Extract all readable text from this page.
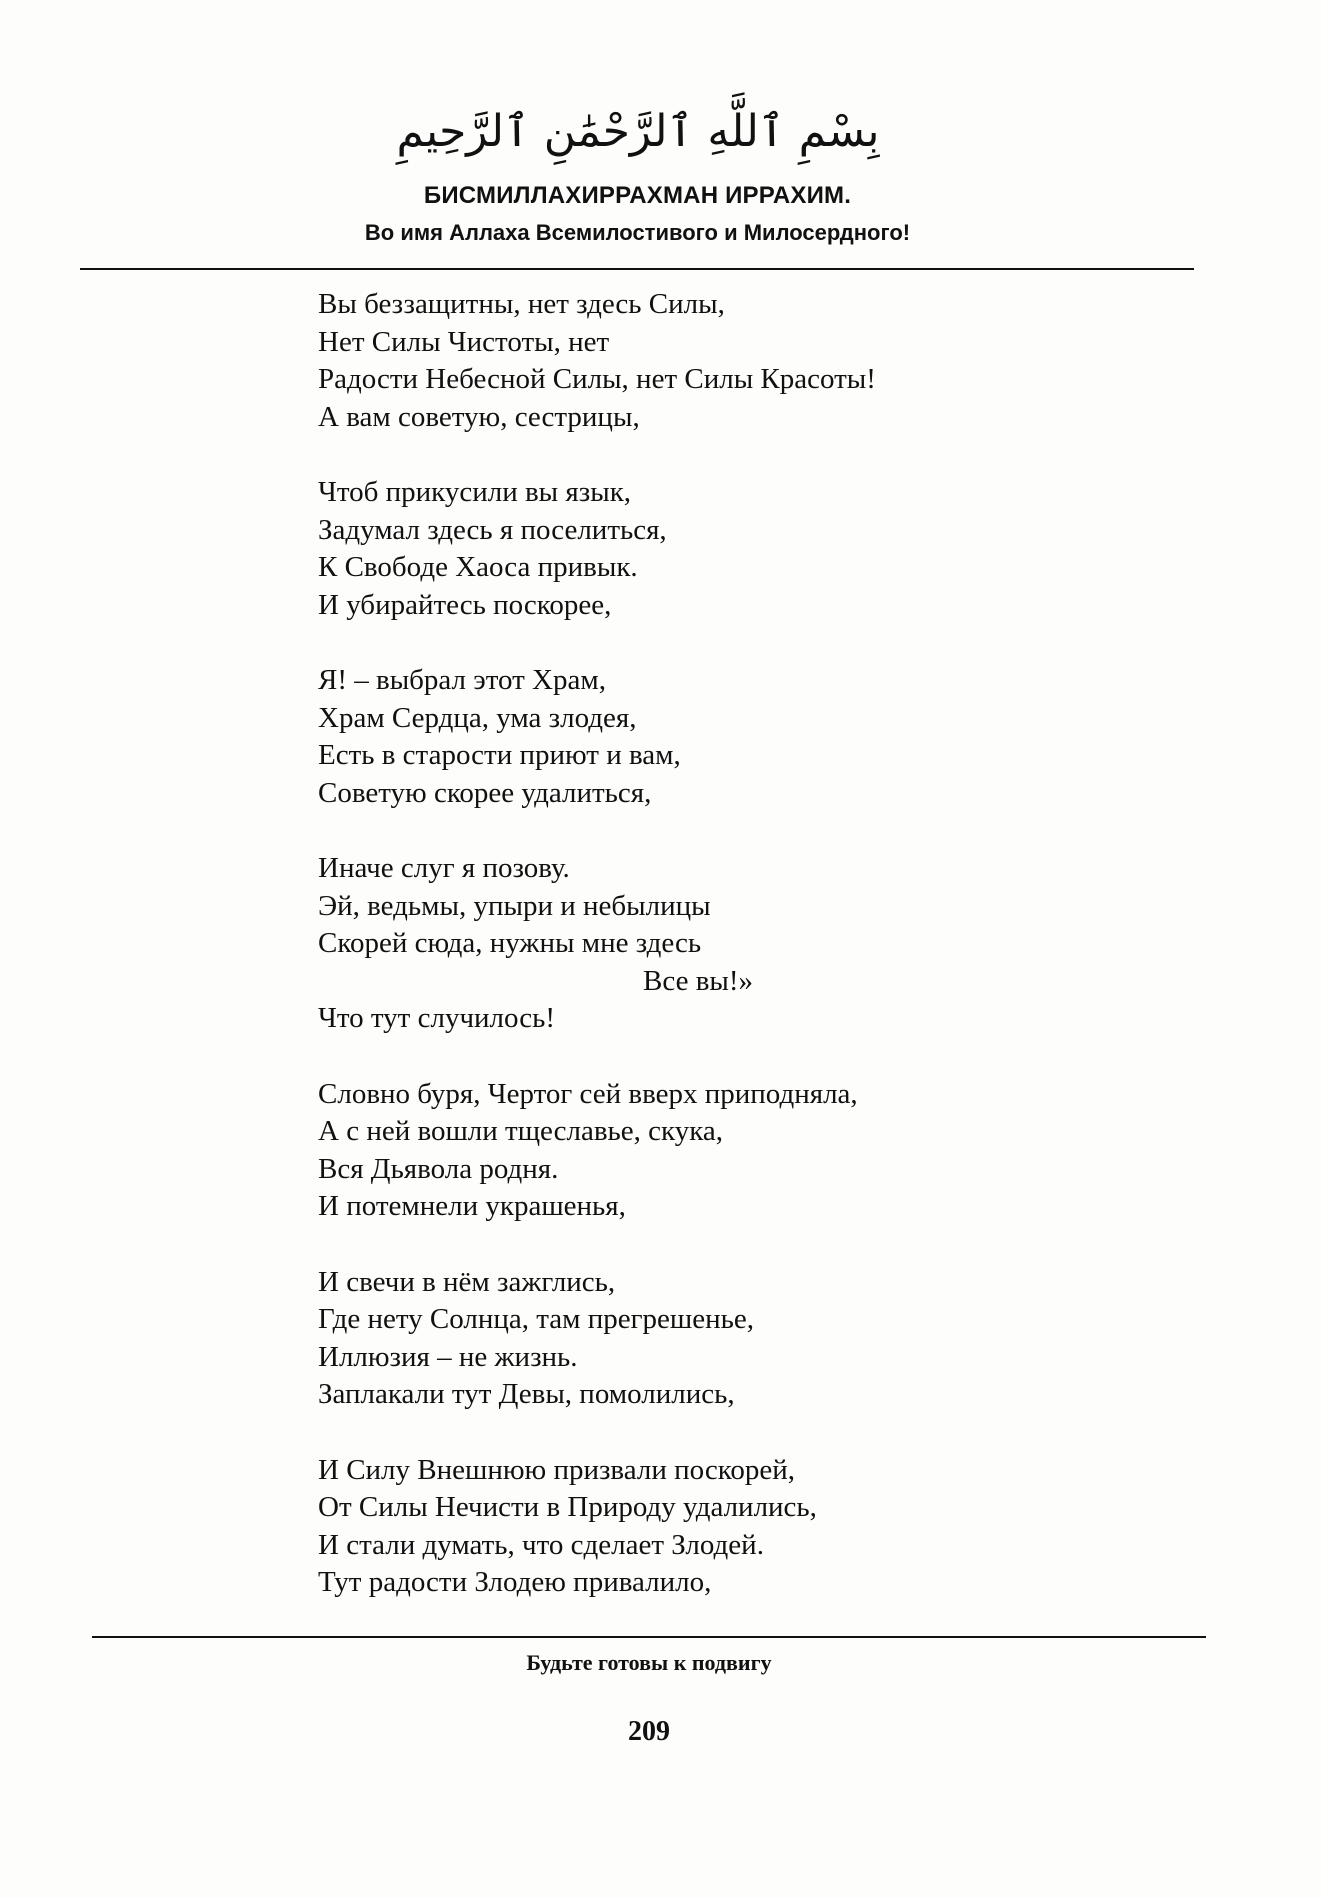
بِسْمِ ٱللَّهِ ٱلرَّحْمَٰنِ ٱلرَّحِيمِ
БИСМИЛЛАХИРРАХМАН ИРРАХИМ.
Во имя Аллаха Всемилостивого и Милосердного!
Вы беззащитны, нет здесь Силы,
Нет Силы Чистоты, нет
Радости Небесной Силы, нет Силы Красоты!
А вам советую, сестрицы,
Чтоб прикусили вы язык,
Задумал здесь я поселиться,
К Свободе Хаоса привык.
И убирайтесь поскорее,
Я! – выбрал этот Храм,
Храм Сердца, ума злодея,
Есть в старости приют и вам,
Советую скорее удалиться,
Иначе слуг я позову.
Эй, ведьмы, упыри и небылицы
Скорей сюда, нужны мне здесь
Все вы!»
Что тут случилось!
Словно буря, Чертог сей вверх приподняла,
А с ней вошли тщеславье, скука,
Вся Дьявола родня.
И потемнели украшенья,
И свечи в нём зажглись,
Где нету Солнца, там прегрешенье,
Иллюзия – не жизнь.
Заплакали тут Девы, помолились,
И Силу Внешнюю призвали поскорей,
От Силы Нечисти в Природу удалились,
И стали думать, что сделает Злодей.
Тут радости Злодею привалило,
Будьте готовы к подвигу
209
